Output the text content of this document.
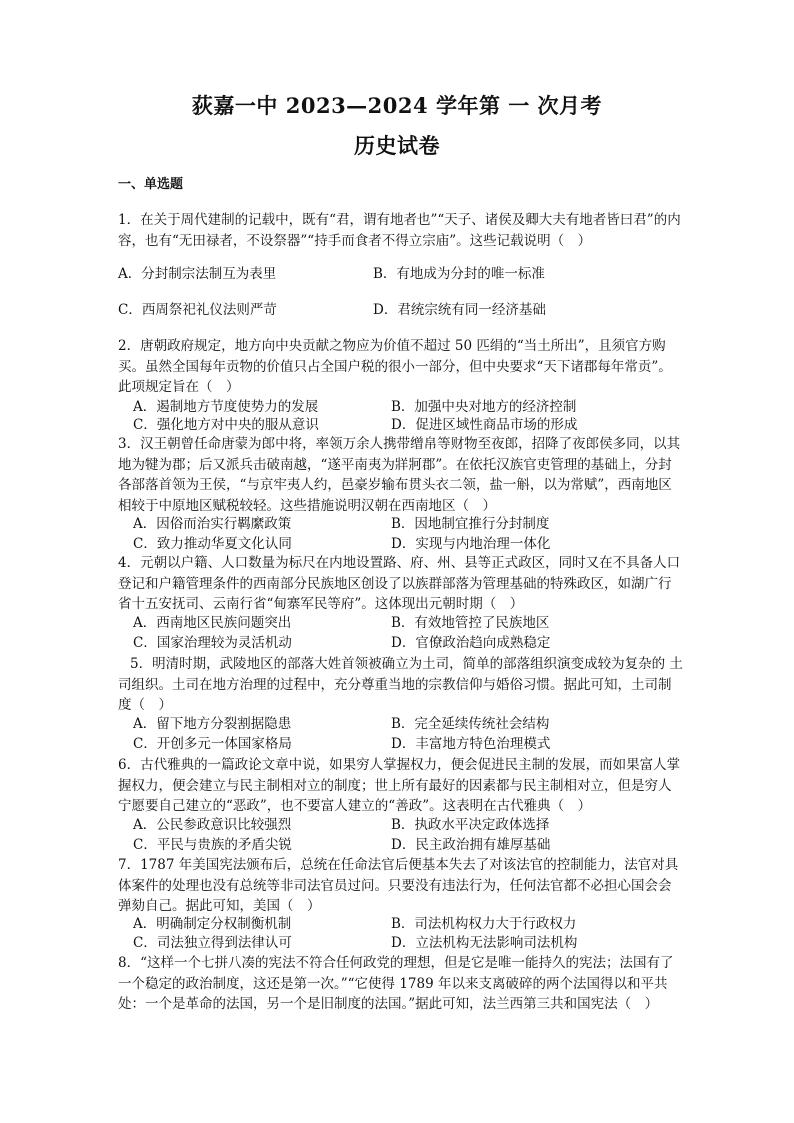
荻嘉一中 2023—2024 学年第 一 次月考
历史试卷
一、单选题
1．在关于周代建制的记载中，既有“君，谓有地者也”“天子、诸侯及卿大夫有地者皆曰君”的内容，也有“无田禄者，不设祭器”“持手而食者不得立宗庙”。这些记载说明（　）
A．分封制宗法制互为表里	B．有地成为分封的唯一标准
C．西周祭祀礼仪法则严苛	D．君统宗统有同一经济基础
2．唐朝政府规定，地方向中央贡献之物应为价值不超过 50 匹绢的“当土所出”，且须官方购买。虽然全国每年贡物的价值只占全国户税的很小一部分，但中央要求“天下诸郡每年常贡”。此项规定旨在（　）
A．遏制地方节度使势力的发展	B．加强中央对地方的经济控制
C．强化地方对中央的服从意识	D．促进区域性商品市场的形成
3．汉王朝曾任命唐蒙为郎中将，率领万余人携带缯帛等财物至夜郎，招降了夜郎侯多同，以其地为犍为郡；后又派兵击破南越，“遂平南夷为牂牁郡”。在依托汉族官吏管理的基础上，分封各部落首领为王侯，“与京牢夷人约，邑豪岁输布贯头衣二领，盐一斛，以为常赋”，西南地区相较于中原地区赋税较轻。这些措施说明汉朝在西南地区（　）
A．因俗而治实行羁縻政策	B．因地制宜推行分封制度
C．致力推动华夏文化认同	D．实现与内地治理一体化
4．元朝以户籍、人口数量为标尺在内地设置路、府、州、县等正式政区，同时又在不具备人口登记和户籍管理条件的西南部分民族地区创设了以族群部落为管理基础的特殊政区，如湖广行省十五安抚司、云南行省“甸寨军民等府”。这体现出元朝时期（　）
A．西南地区民族问题突出	B．有效地管控了民族地区
C．国家治理较为灵活机动	D．官僚政治趋向成熟稳定
5．明清时期，武陵地区的部落大姓首领被确立为土司，简单的部落组织演变成较为复杂的 土司组织。土司在地方治理的过程中，充分尊重当地的宗教信仰与婚俗习惯。据此可知，土司制度（　）
A．留下地方分裂割据隐患	B．完全延续传统社会结构
C．开创多元一体国家格局	D．丰富地方特色治理模式
6．古代雅典的一篇政论文章中说，如果穷人掌握权力，便会促进民主制的发展，而如果富人掌握权力，便会建立与民主制相对立的制度；世上所有最好的因素都与民主制相对立，但是穷人宁愿要自己建立的“恶政”，也不要富人建立的“善政”。这表明在古代雅典（　）
A．公民参政意识比较强烈	B．执政水平决定政体选择
C．平民与贵族的矛盾尖锐	D．民主政治拥有雄厚基础
7．1787 年美国宪法颁布后，总统在任命法官后便基本失去了对该法官的控制能力，法官对具体案件的处理也没有总统等非司法官员过问。只要没有违法行为，任何法官都不必担心国会会弹劾自己。据此可知，美国（　）
A．明确制定分权制衡机制	B．司法机构权力大于行政权力
C．司法独立得到法律认可	D．立法机构无法影响司法机构
8．“这样一个七拼八凑的宪法不符合任何政党的理想，但是它是唯一能持久的宪法；法国有了一个稳定的政治制度，这还是第一次。”“它使得 1789 年以来支离破碎的两个法国得以和平共处：一个是革命的法国，另一个是旧制度的法国。”据此可知，法兰西第三共和国宪法（　）
